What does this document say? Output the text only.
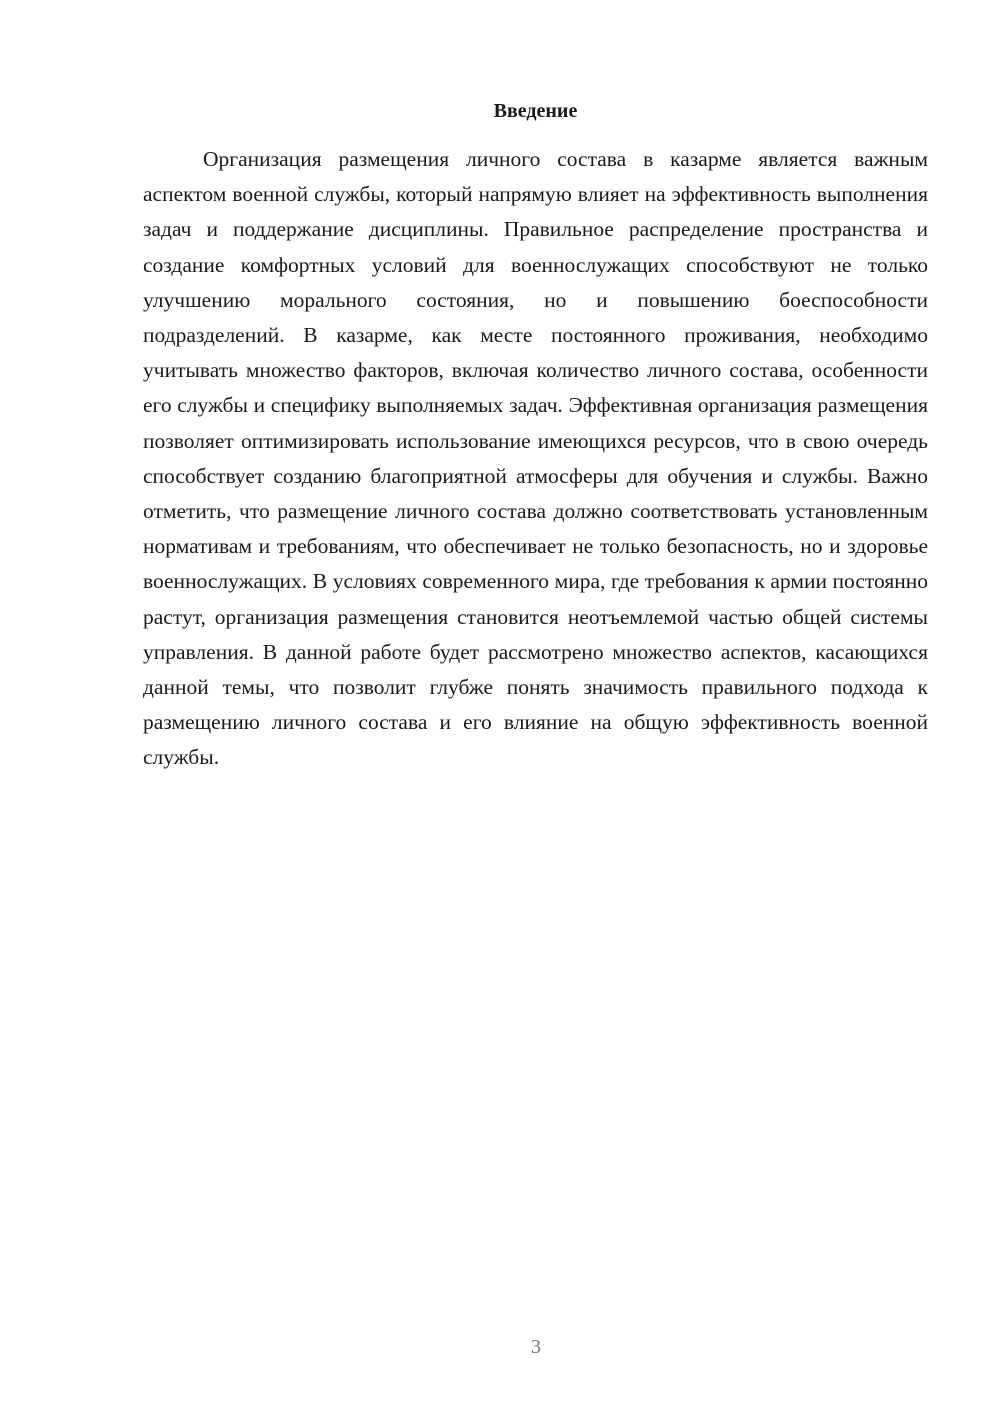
Введение

Организация размещения личного состава в казарме является важным аспектом военной службы, который напрямую влияет на эффективность выполнения задач и поддержание дисциплины. Правильное распределение пространства и создание комфортных условий для военнослужащих способствуют не только улучшению морального состояния, но и повышению боеспособности подразделений. В казарме, как месте постоянного проживания, необходимо учитывать множество факторов, включая количество личного состава, особенности его службы и специфику выполняемых задач. Эффективная организация размещения позволяет оптимизировать использование имеющихся ресурсов, что в свою очередь способствует созданию благоприятной атмосферы для обучения и службы. Важно отметить, что размещение личного состава должно соответствовать установленным нормативам и требованиям, что обеспечивает не только безопасность, но и здоровье военнослужащих. В условиях современного мира, где требования к армии постоянно растут, организация размещения становится неотъемлемой частью общей системы управления. В данной работе будет рассмотрено множество аспектов, касающихся данной темы, что позволит глубже понять значимость правильного подхода к размещению личного состава и его влияние на общую эффективность военной службы.

3
